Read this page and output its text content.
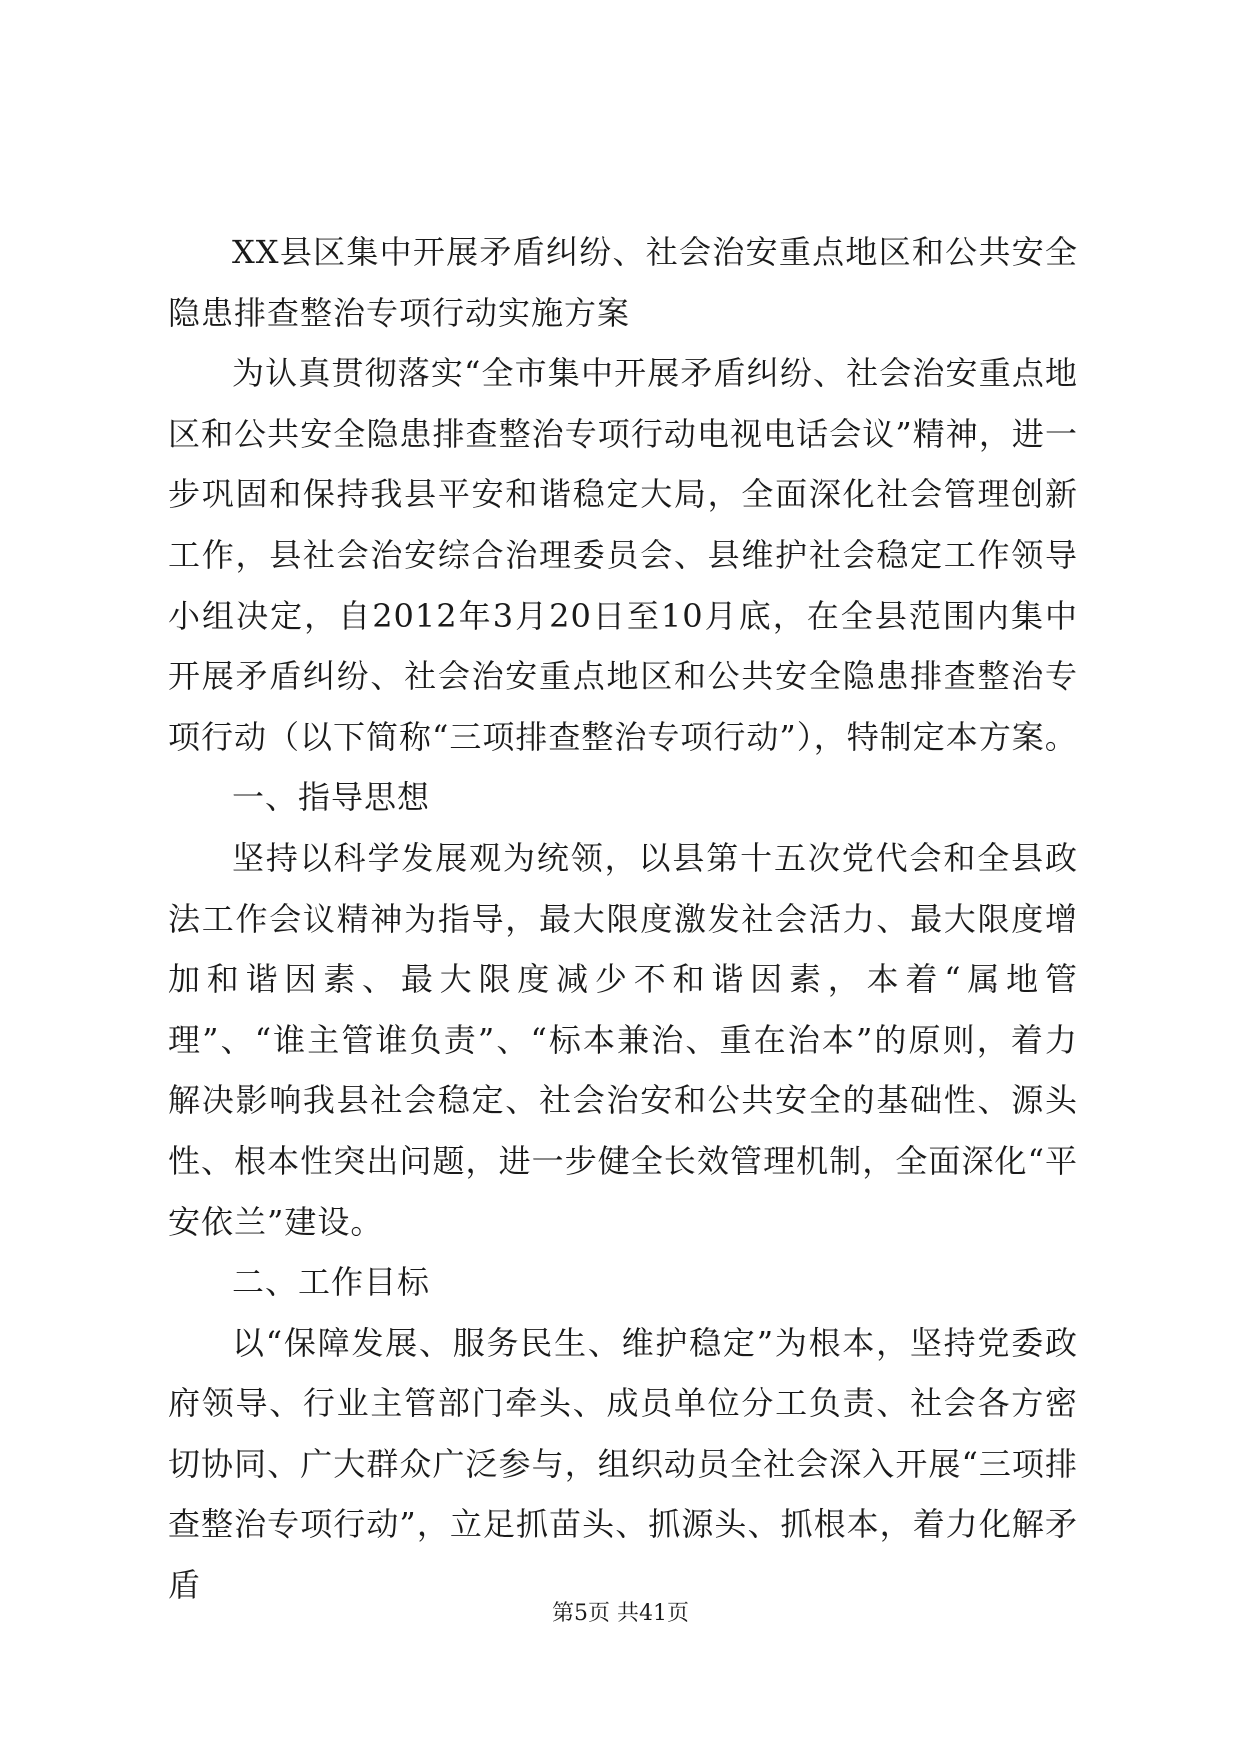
XX县区集中开展矛盾纠纷、社会治安重点地区和公共安全隐患排查整治专项行动实施方案

为认真贯彻落实“全市集中开展矛盾纠纷、社会治安重点地区和公共安全隐患排查整治专项行动电视电话会议”精神，进一步巩固和保持我县平安和谐稳定大局，全面深化社会管理创新工作，县社会治安综合治理委员会、县维护社会稳定工作领导小组决定，自2012年3月20日至10月底，在全县范围内集中开展矛盾纠纷、社会治安重点地区和公共安全隐患排查整治专项行动（以下简称“三项排查整治专项行动”），特制定本方案。

一、指导思想

坚持以科学发展观为统领，以县第十五次党代会和全县政法工作会议精神为指导，最大限度激发社会活力、最大限度增加和谐因素、最大限度减少不和谐因素，本着“属地管理”、“谁主管谁负责”、“标本兼治、重在治本”的原则，着力解决影响我县社会稳定、社会治安和公共安全的基础性、源头性、根本性突出问题，进一步健全长效管理机制，全面深化“平安依兰”建设。

二、工作目标

以“保障发展、服务民生、维护稳定”为根本，坚持党委政府领导、行业主管部门牵头、成员单位分工负责、社会各方密切协同、广大群众广泛参与，组织动员全社会深入开展“三项排查整治专项行动”，立足抓苗头、抓源头、抓根本，着力化解矛盾

第5页 共41页
